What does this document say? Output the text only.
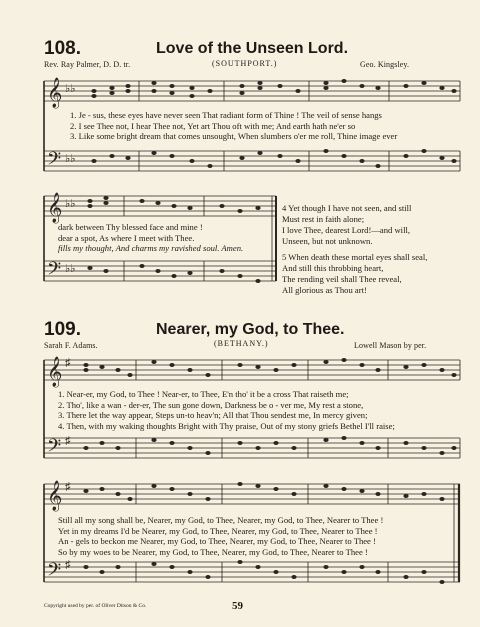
108.	Love of the Unseen Lord.
Rev. Ray Palmer, D. D. tr.	(SOUTHPORT.)	Geo. Kingsley.
𝄞
𝄢
♭♭
♭♭
1. Je - sus, these eyes have never seen That radiant form of Thine ! The veil of sense hangs
2. I see Thee not, I hear Thee not, Yet art Thou oft with me; And earth hath ne'er so
3. Like some bright dream that comes unsought, When slumbers o'er me roll, Thine image ever
𝄞
𝄢
♭♭
♭♭
dark between Thy blessed face and mine !
dear a spot, As where I meet with Thee.
fills my thought, And charms my ravished soul. Amen.
4 Yet though I have not seen, and still
Must rest in faith alone;
I love Thee, dearest Lord!—and will,
Unseen, but not unknown.
5 When death these mortal eyes shall seal,
And still this throbbing heart,
The rending veil shall Thee reveal,
All glorious as Thou art!
109.	Nearer, my God, to Thee.
Sarah F. Adams.	(BETHANY.)	Lowell Mason by per.
𝄞
𝄢
♯
♯
1. Near-er, my God, to Thee ! Near-er, to Thee, E'n tho' it be a cross That raiseth me;
2. Tho', like a wan - der-er, The sun gone down, Darkness be o - ver me, My rest a stone,
3. There let the way appear, Steps un-to heav'n; All that Thou sendest me, In mercy given;
4. Then, with my waking thoughts Bright with Thy praise, Out of my stony griefs Bethel I'll raise;
𝄞
𝄢
♯
♯
Still all my song shall be, Nearer, my God, to Thee, Nearer, my God, to Thee, Nearer to Thee !
Yet in my dreams I'd be Nearer, my God, to Thee, Nearer, my God, to Thee, Nearer to Thee !
An - gels to beckon me Nearer, my God, to Thee, Nearer, my God, to Thee, Nearer to Thee !
So by my woes to be Nearer, my God, to Thee, Nearer, my God, to Thee, Nearer to Thee !
Copyright used by per. of Oliver Ditson & Co.	59
